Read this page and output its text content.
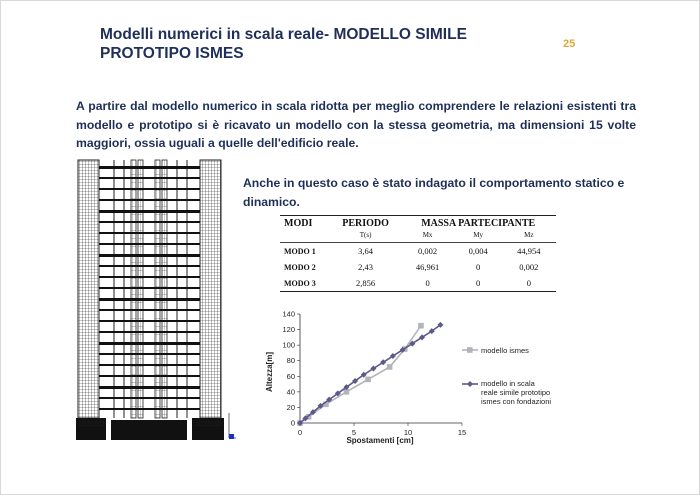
Modelli numerici in scala reale- MODELLO SIMILE
PROTOTIPO ISMES
25
A partire dal modello numerico in scala ridotta per meglio comprendere le relazioni esistenti tra modello e prototipo si è ricavato un modello con la stessa geometria, ma dimensioni 15 volte maggiori, ossia uguali a quelle dell'edificio reale.
Anche in questo caso è stato indagato il comportamento statico e dinamico.
MODI	PERIODO	MASSA PARTECIPANTE		
	T(s)	Mx	My	Mz
MODO 1	3,64	0,002	0,004	44,954
MODO 2	2,43	46,961	0	0,002
MODO 3	2,856	0	0	0
0
20
40
60
80
100
120
140
0	5	10	15
modello ismes
modello in scala
reale simile prototipo
ismes con fondazioni
Altezza[m]
Spostamenti [cm]
